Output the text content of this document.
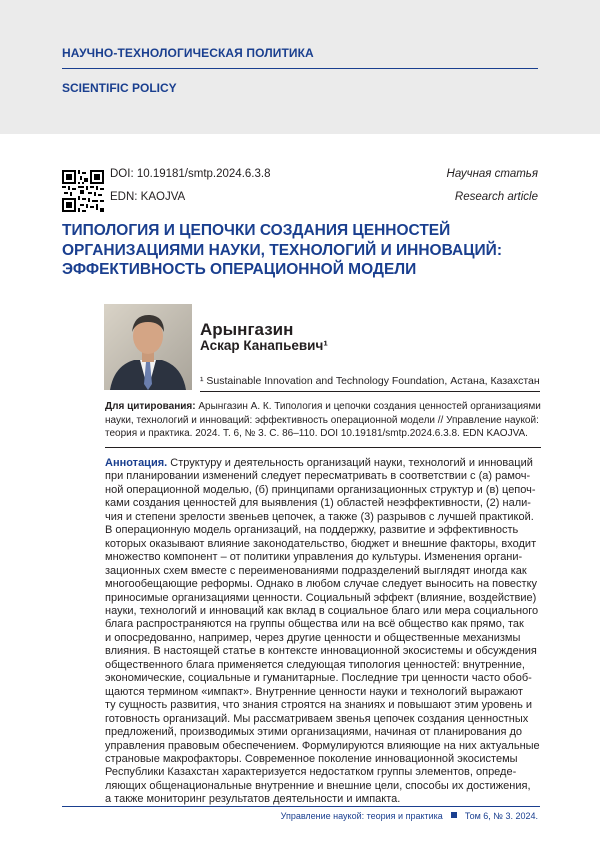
НАУЧНО-ТЕХНОЛОГИЧЕСКАЯ ПОЛИТИКА
SCIENTIFIC POLICY
DOI: 10.19181/smtp.2024.6.3.8
EDN: KAOJVA
Научная статья
Research article
ТИПОЛОГИЯ И ЦЕПОЧКИ СОЗДАНИЯ ЦЕННОСТЕЙ
ОРГАНИЗАЦИЯМИ НАУКИ, ТЕХНОЛОГИЙ И ИННОВАЦИЙ:
ЭФФЕКТИВНОСТЬ ОПЕРАЦИОННОЙ МОДЕЛИ
Арынгазин
Аскар Канапьевич¹
¹ Sustainable Innovation and Technology Foundation, Астана, Казахстан
Для цитирования: Арынгазин А. К. Типология и цепочки создания ценностей организациями
науки, технологий и инноваций: эффективность операционной модели // Управление наукой:
теория и практика. 2024. Т. 6, № 3. С. 86–110. DOI 10.19181/smtp.2024.6.3.8. EDN KAOJVA.
Аннотация. Структуру и деятельность организаций науки, технологий и инноваций
при планировании изменений следует пересматривать в соответствии с (а) рамоч-
ной операционной моделью, (б) принципами организационных структур и (в) цепоч-
ками создания ценностей для выявления (1) областей неэффективности, (2) нали-
чия и степени зрелости звеньев цепочек, а также (3) разрывов с лучшей практикой.
В операционную модель организаций, на поддержку, развитие и эффективность
которых оказывают влияние законодательство, бюджет и внешние факторы, входит
множество компонент – от политики управления до культуры. Изменения органи-
зационных схем вместе с переименованиями подразделений выглядят иногда как
многообещающие реформы. Однако в любом случае следует выносить на повестку
приносимые организациями ценности. Социальный эффект (влияние, воздействие)
науки, технологий и инноваций как вклад в социальное благо или мера социального
блага распространяются на группы общества или на всё общество как прямо, так
и опосредованно, например, через другие ценности и общественные механизмы
влияния. В настоящей статье в контексте инновационной экосистемы и обсуждения
общественного блага применяется следующая типология ценностей: внутренние,
экономические, социальные и гуманитарные. Последние три ценности часто обоб-
щаются термином «импакт». Внутренние ценности науки и технологий выражают
ту сущность развития, что знания строятся на знаниях и повышают этим уровень и
готовность организаций. Мы рассматриваем звенья цепочек создания ценностных
предложений, производимых этими организациями, начиная от планирования до
управления правовым обеспечением. Формулируются влияющие на них актуальные
страновые макрофакторы. Современное поколение инновационной экосистемы
Республики Казахстан характеризуется недостатком группы элементов, опреде-
ляющих общенациональные внутренние и внешние цели, способы их достижения,
а также мониторинг результатов деятельности и импакта.
Управление наукой: теория и практика Том 6, № 3. 2024.
